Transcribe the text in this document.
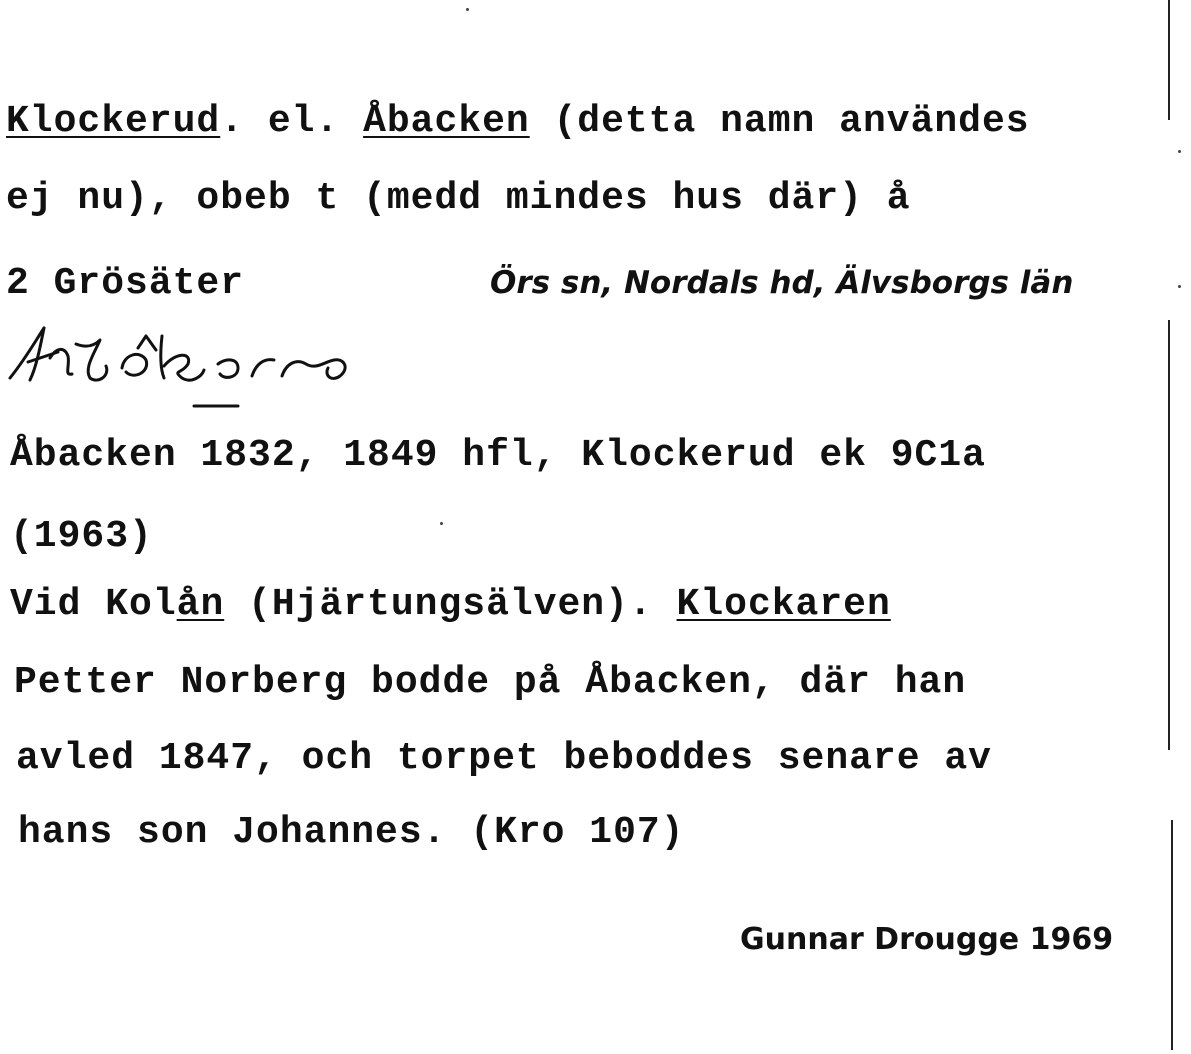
Klockerud. el. Åbacken (detta namn användes
ej nu), obeb t (medd mindes hus där) å
2 Grösäter	Örs sn, Nordals hd, Älvsborgs län
Åbacken 1832, 1849 hfl, Klockerud ek 9C1a
(1963)
Vid Kolån (Hjärtungsälven). Klockaren
Petter Norberg bodde på Åbacken, där han
avled 1847, och torpet beboddes senare av
hans son Johannes. (Kro 107)
Gunnar Drougge 1969
